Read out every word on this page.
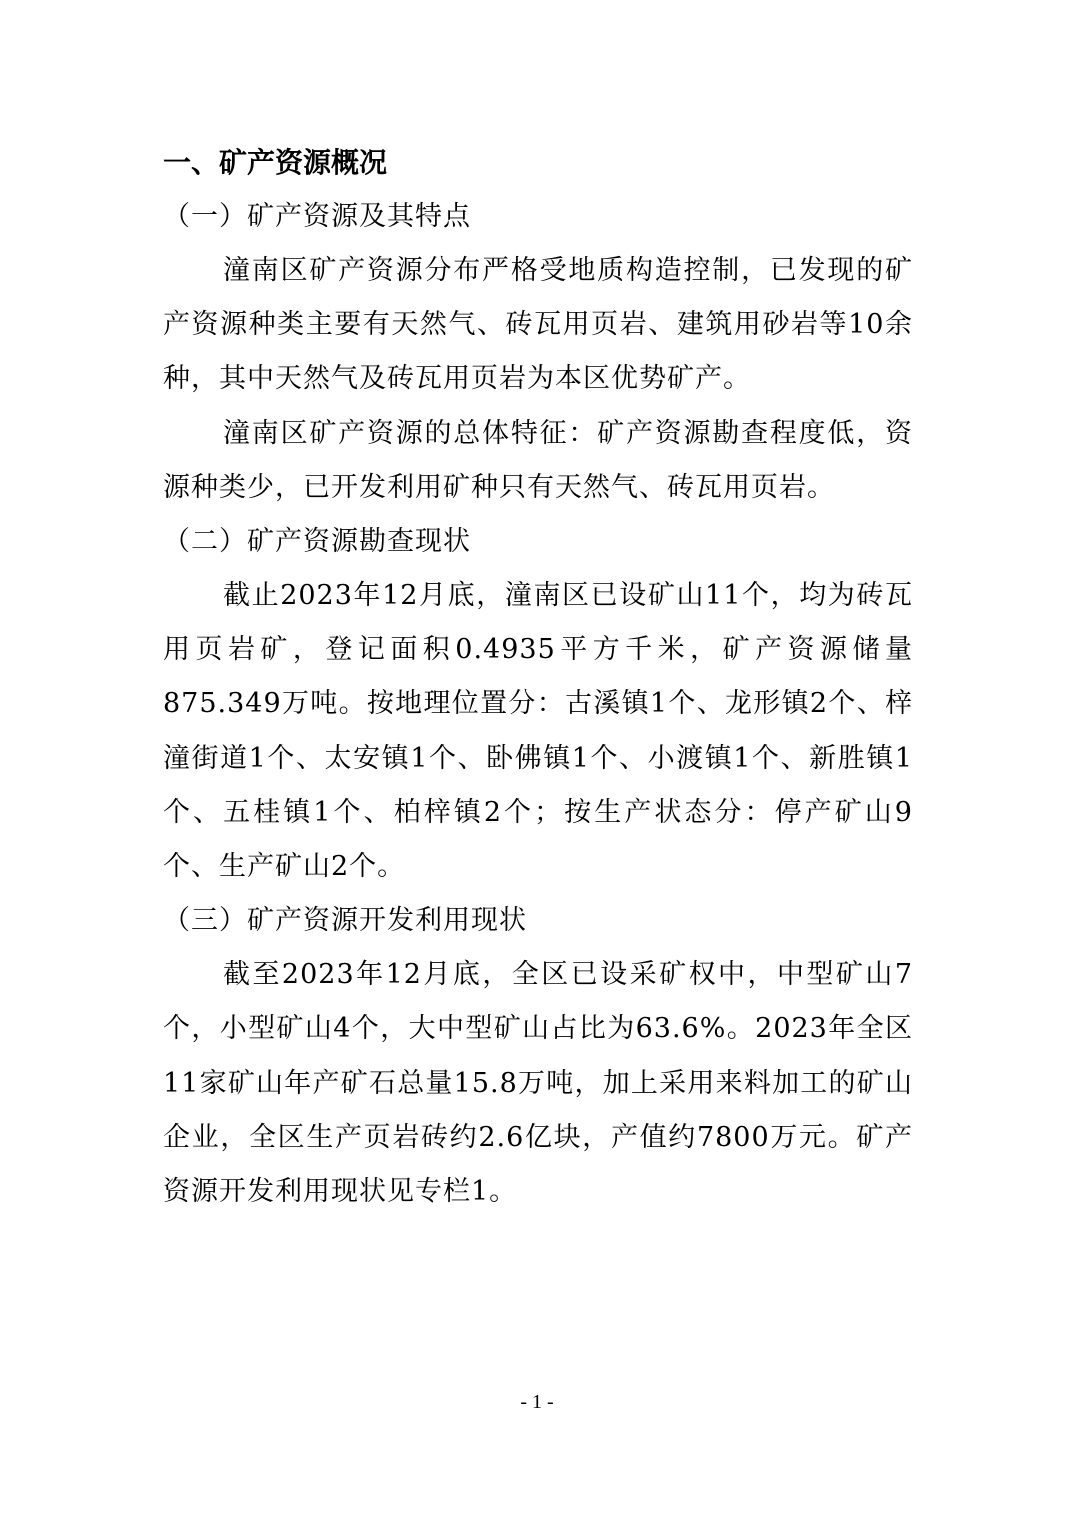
一、矿产资源概况
（一）矿产资源及其特点

潼南区矿产资源分布严格受地质构造控制，已发现的矿产资源种类主要有天然气、砖瓦用页岩、建筑用砂岩等10余种，其中天然气及砖瓦用页岩为本区优势矿产。

潼南区矿产资源的总体特征：矿产资源勘查程度低，资源种类少，已开发利用矿种只有天然气、砖瓦用页岩。

（二）矿产资源勘查现状

截止2023年12月底，潼南区已设矿山11个，均为砖瓦用页岩矿，登记面积0.4935平方千米，矿产资源储量875.349万吨。按地理位置分：古溪镇1个、龙形镇2个、梓潼街道1个、太安镇1个、卧佛镇1个、小渡镇1个、新胜镇1个、五桂镇1个、柏梓镇2个；按生产状态分：停产矿山9个、生产矿山2个。

（三）矿产资源开发利用现状

截至2023年12月底，全区已设采矿权中，中型矿山7个，小型矿山4个，大中型矿山占比为63.6%。2023年全区11家矿山年产矿石总量15.8万吨，加上采用来料加工的矿山企业，全区生产页岩砖约2.6亿块，产值约7800万元。矿产资源开发利用现状见专栏1。

- 1 -
